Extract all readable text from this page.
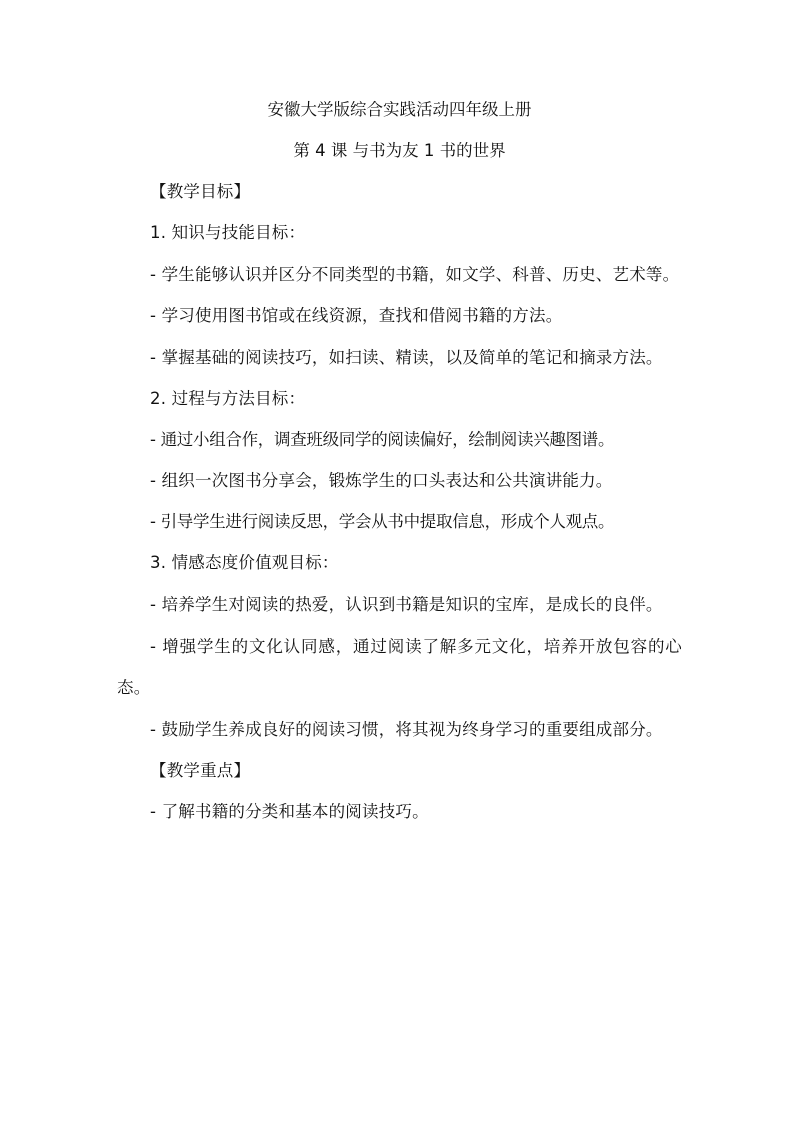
安徽大学版综合实践活动四年级上册

第 4 课 与书为友 1 书的世界

【教学目标】

1. 知识与技能目标：

- 学生能够认识并区分不同类型的书籍，如文学、科普、历史、艺术等。

- 学习使用图书馆或在线资源，查找和借阅书籍的方法。

- 掌握基础的阅读技巧，如扫读、精读，以及简单的笔记和摘录方法。

2. 过程与方法目标：

- 通过小组合作，调查班级同学的阅读偏好，绘制阅读兴趣图谱。

- 组织一次图书分享会，锻炼学生的口头表达和公共演讲能力。

- 引导学生进行阅读反思，学会从书中提取信息，形成个人观点。

3. 情感态度价值观目标：

- 培养学生对阅读的热爱，认识到书籍是知识的宝库，是成长的良伴。

- 增强学生的文化认同感，通过阅读了解多元文化，培养开放包容的心态。

- 鼓励学生养成良好的阅读习惯，将其视为终身学习的重要组成部分。

【教学重点】

- 了解书籍的分类和基本的阅读技巧。
